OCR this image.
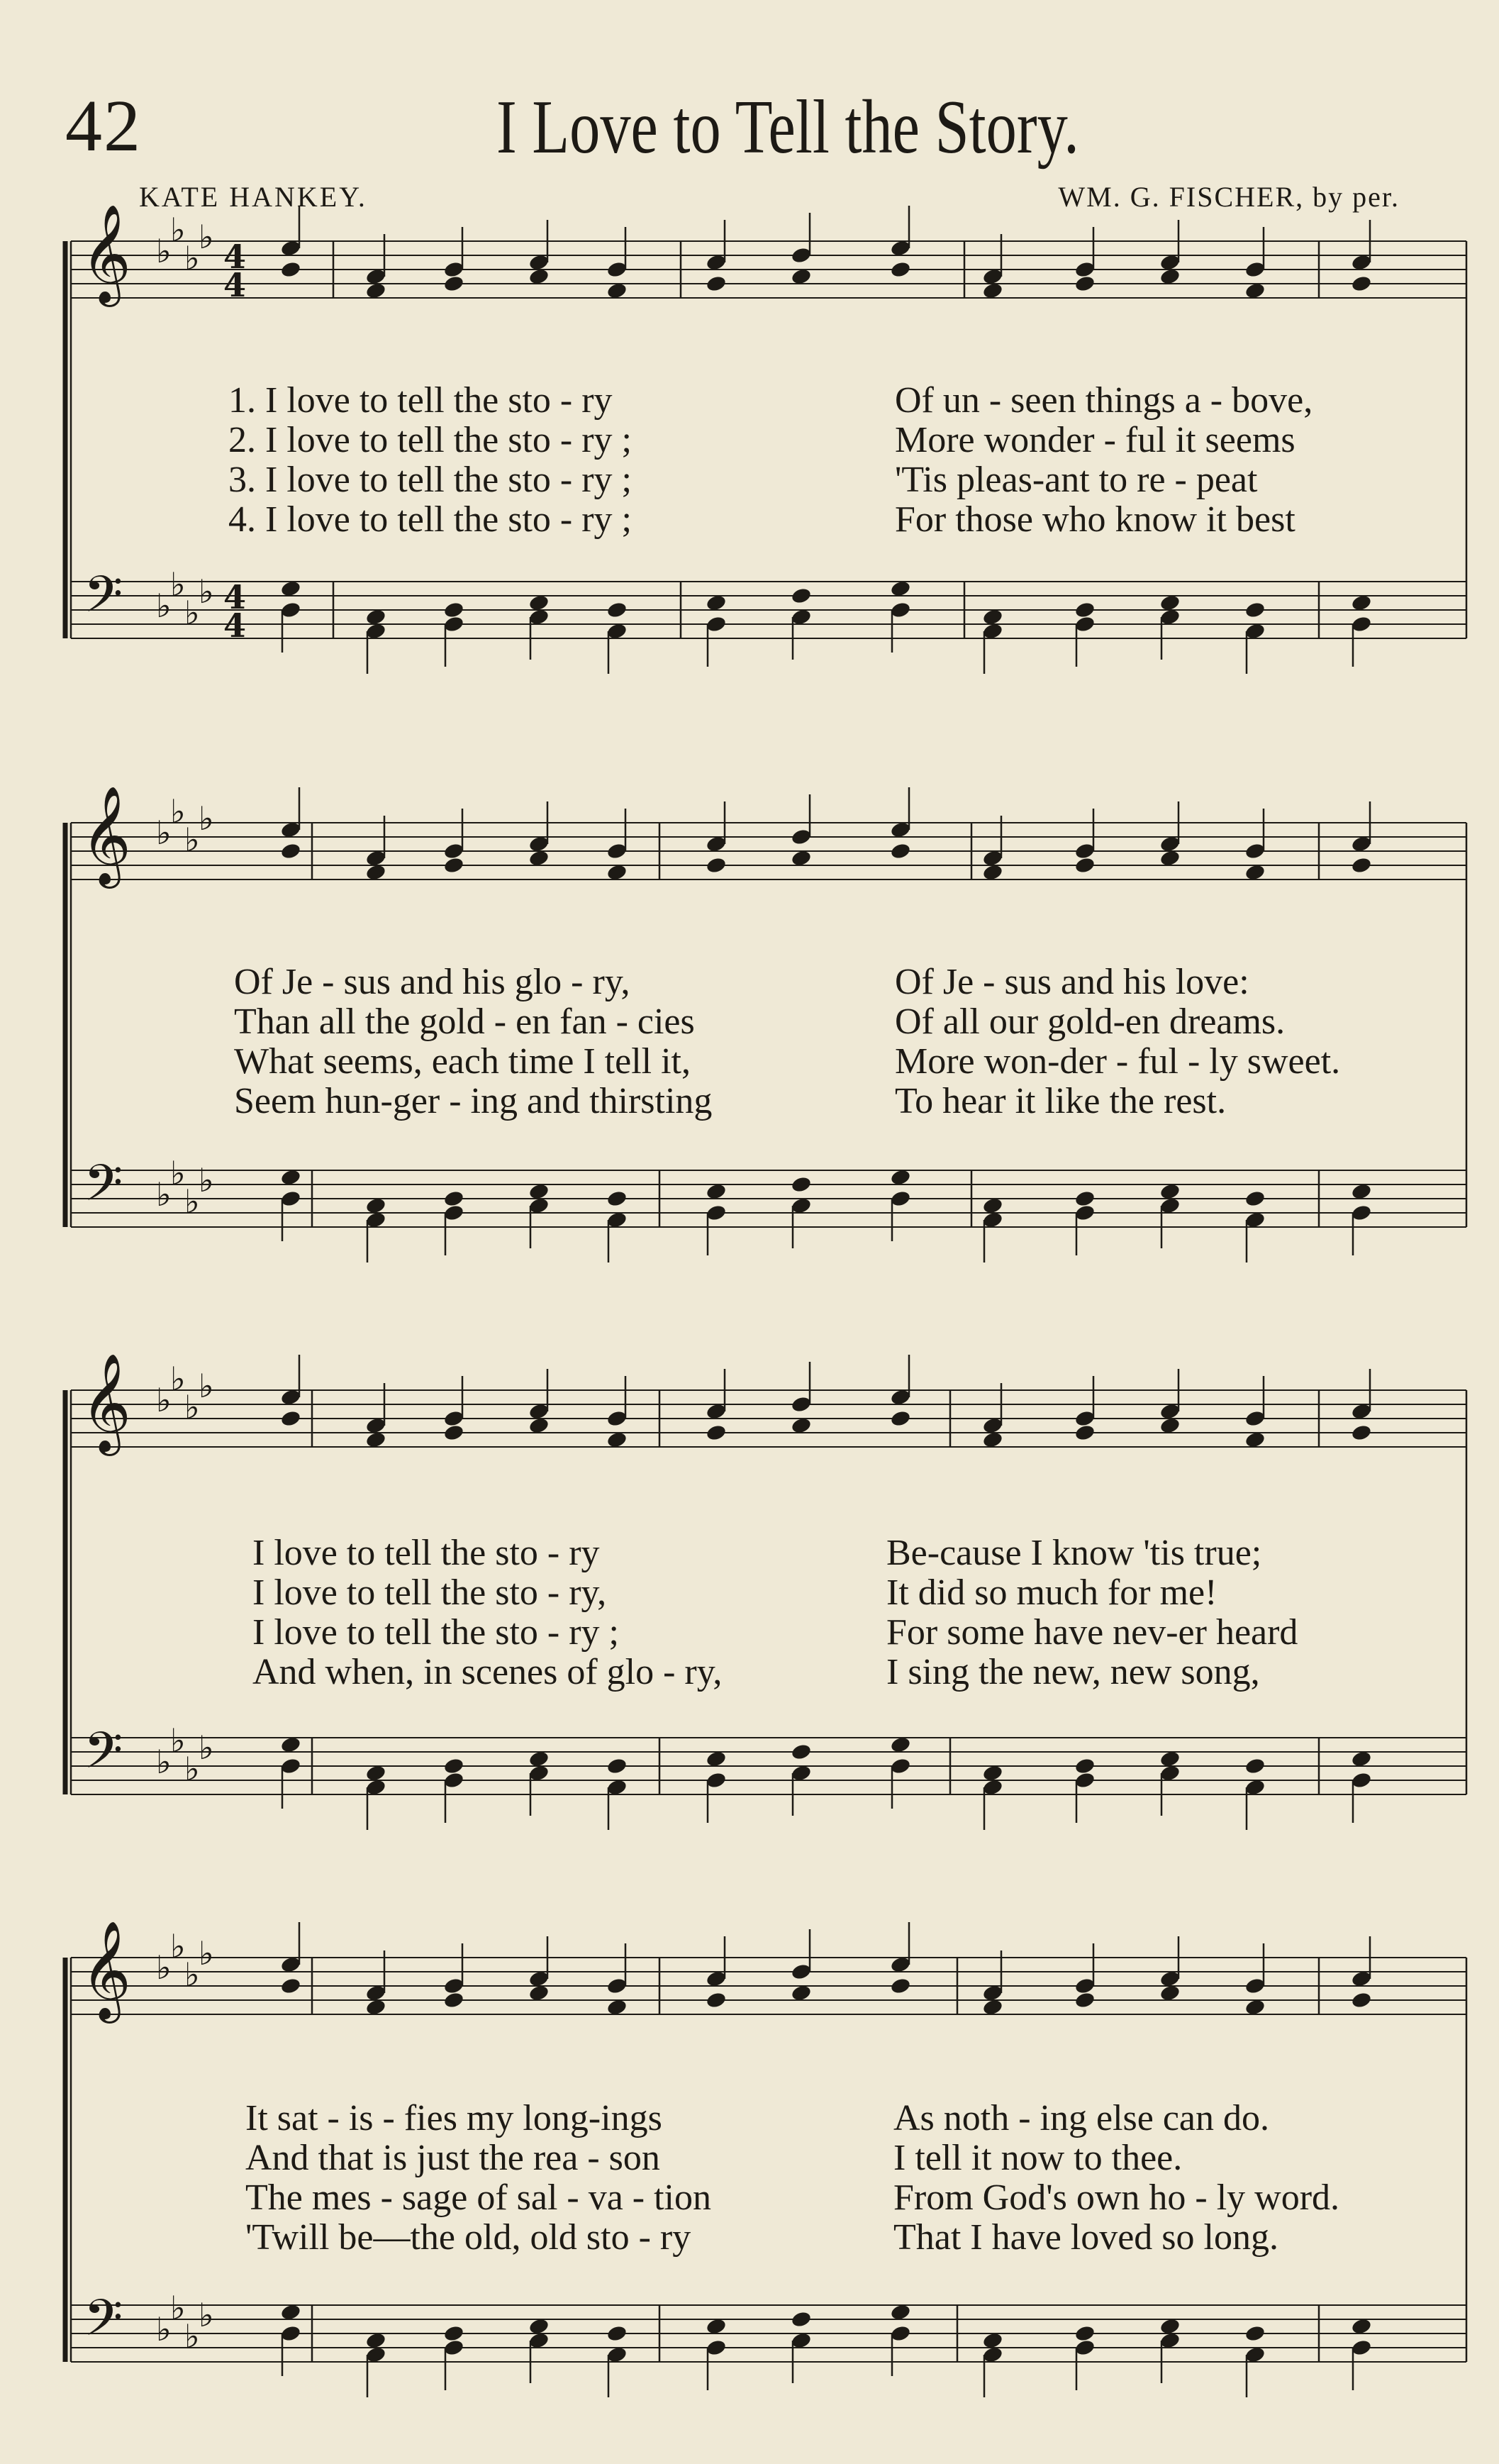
42	I Love to Tell the Story.
KATE HANKEY.	WM. G. FISCHER, by per.
1. I love to tell the sto - ry	Of un - seen things a - bove,
2. I love to tell the sto - ry ;	More wonder - ful it seems
3. I love to tell the sto - ry ;	'Tis pleas-ant to re - peat
4. I love to tell the sto - ry ;	For those who know it best
Of Je - sus and his glo - ry,	Of Je - sus and his love:
Than all the gold - en fan - cies	Of all our gold-en dreams.
What seems, each time I tell it,	More won-der - ful - ly sweet.
Seem hun-ger - ing and thirsting	To hear it like the rest.
I love to tell the sto - ry	Be-cause I know 'tis true;
I love to tell the sto - ry,	It did so much for me!
I love to tell the sto - ry ;	For some have nev-er heard
And when, in scenes of glo - ry,	I sing the new, new song,
It sat - is - fies my long-ings	As noth - ing else can do.
And that is just the rea - son	I tell it now to thee.
The mes - sage of sal - va - tion	From God's own ho - ly word.
'Twill be—the old, old sto - ry	That I have loved so long.
𝄞
𝄢
♭
♭
♭
♭
♭
♭
♭
♭
4
4
4
4
𝄞
𝄢
♭
♭
♭
♭
♭
♭
♭
♭
𝄞
𝄢
♭
♭
♭
♭
♭
♭
♭
♭
𝄞
𝄢
♭
♭
♭
♭
♭
♭
♭
♭
